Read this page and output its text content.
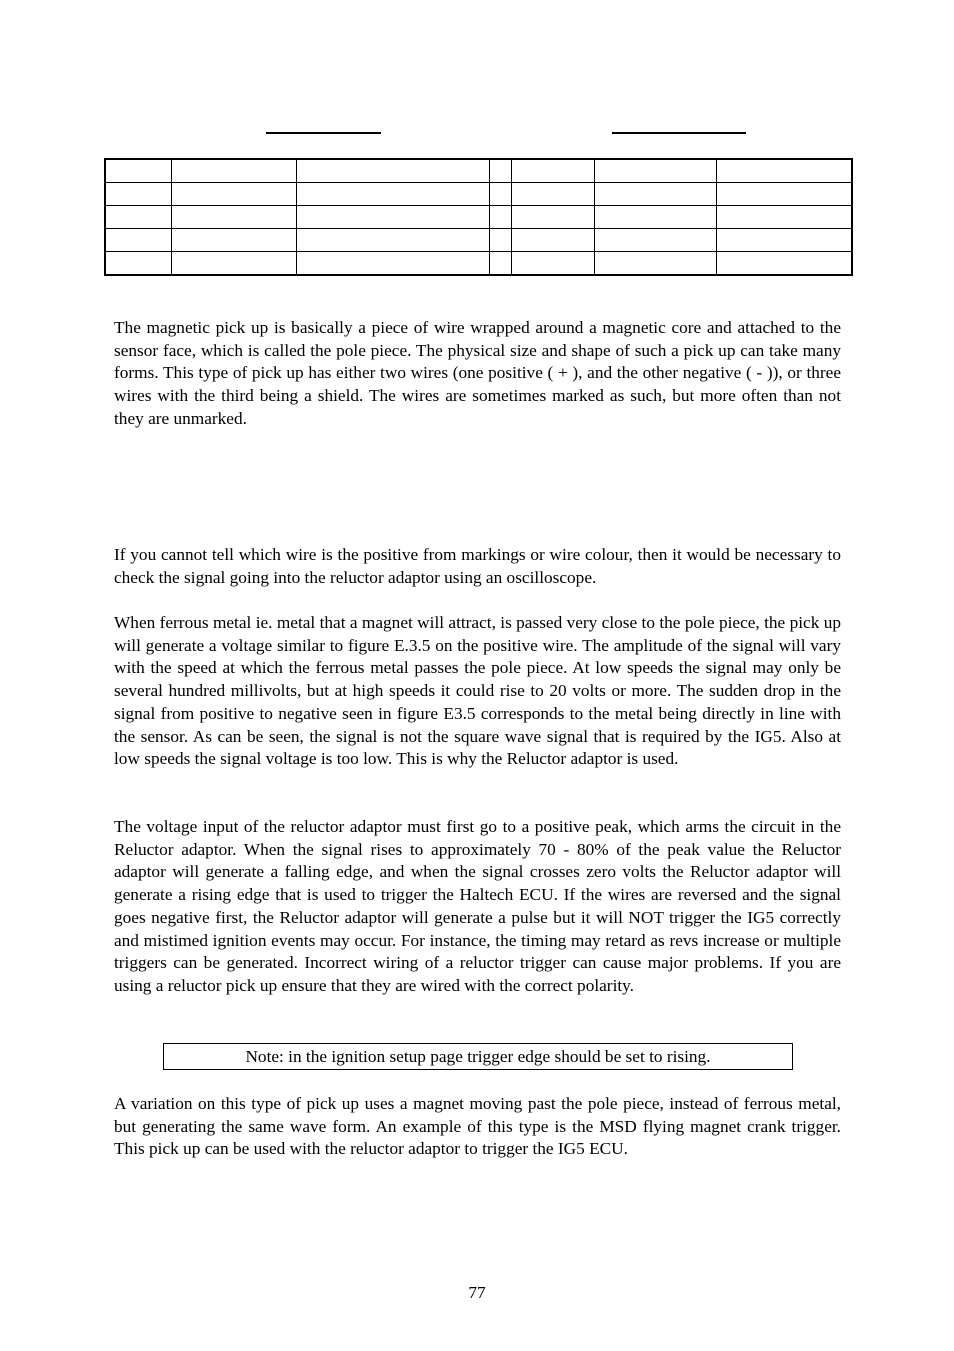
The magnetic pick up is basically a piece of wire wrapped around a magnetic core and attached to the sensor face, which is called the pole piece. The physical size and shape of such a pick up can take many forms. This type of pick up has either two wires (one positive ( + ), and the other negative ( - )), or three wires with the third being a shield. The wires are sometimes marked as such, but more often than not they are unmarked.

If you cannot tell which wire is the positive from markings or wire colour, then it would be necessary to check the signal going into the reluctor adaptor using an oscilloscope.

When ferrous metal ie. metal that a magnet will attract, is passed very close to the pole piece, the pick up will generate a voltage similar to figure E.3.5 on the positive wire. The amplitude of the signal will vary with the speed at which the ferrous metal passes the pole piece. At low speeds the signal may only be several hundred millivolts, but at high speeds it could rise to 20 volts or more. The sudden drop in the signal from positive to negative seen in figure E3.5 corresponds to the metal being directly in line with the sensor. As can be seen, the signal is not the square wave signal that is required by the IG5. Also at low speeds the signal voltage is too low. This is why the Reluctor adaptor is used.

The voltage input of the reluctor adaptor must first go to a positive peak, which arms the circuit in the Reluctor adaptor. When the signal rises to approximately 70 - 80% of the peak value the Reluctor adaptor will generate a falling edge, and when the signal crosses zero volts the Reluctor adaptor will generate a rising edge that is used to trigger the Haltech ECU. If the wires are reversed and the signal goes negative first, the Reluctor adaptor will generate a pulse but it will NOT trigger the IG5 correctly and mistimed ignition events may occur. For instance, the timing may retard as revs increase or multiple triggers can be generated. Incorrect wiring of a reluctor trigger can cause major problems. If you are using a reluctor pick up ensure that they are wired with the correct polarity.

Note: in the ignition setup page trigger edge should be set to rising.

A variation on this type of pick up uses a magnet moving past the pole piece, instead of ferrous metal, but generating the same wave form. An example of this type is the MSD flying magnet crank trigger. This pick up can be used with the reluctor adaptor to trigger the IG5 ECU.

77
